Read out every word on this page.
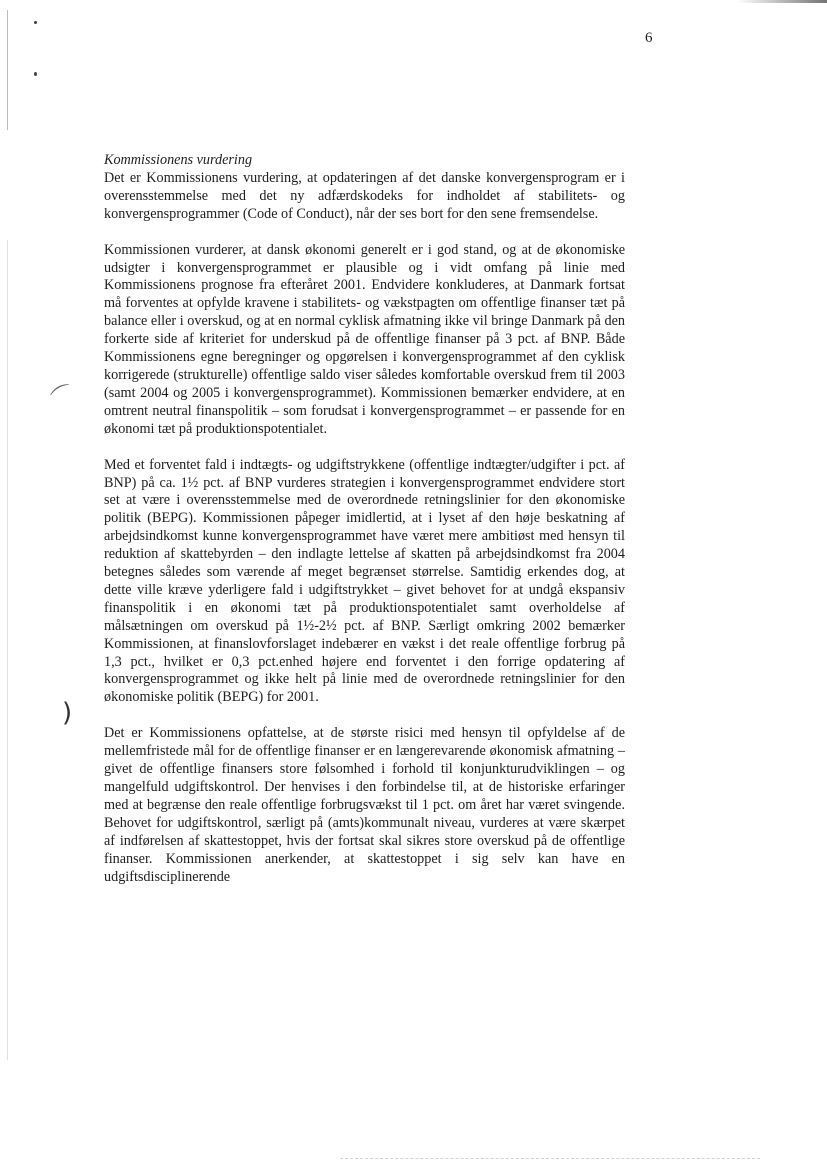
⌒
)
6
Kommissionens vurdering

Det er Kommissionens vurdering, at opdateringen af det danske konvergensprogram er i overensstemmelse med det ny adfærdskodeks for indholdet af stabilitets- og konvergensprogrammer (Code of Conduct), når der ses bort for den sene fremsendelse.

Kommissionen vurderer, at dansk økonomi generelt er i god stand, og at de økonomiske udsigter i konvergensprogrammet er plausible og i vidt omfang på linie med Kommissionens prognose fra efteråret 2001. Endvidere konkluderes, at Danmark fortsat må forventes at opfylde kravene i stabilitets- og vækstpagten om offentlige finanser tæt på balance eller i overskud, og at en normal cyklisk afmatning ikke vil bringe Danmark på den forkerte side af kriteriet for underskud på de offentlige finanser på 3 pct. af BNP. Både Kommissionens egne beregninger og opgørelsen i konvergensprogrammet af den cyklisk korrigerede (strukturelle) offentlige saldo viser således komfortable overskud frem til 2003 (samt 2004 og 2005 i konvergensprogrammet). Kommissionen bemærker endvidere, at en omtrent neutral finanspolitik – som forudsat i konvergensprogrammet – er passende for en økonomi tæt på produktionspotentialet.

Med et forventet fald i indtægts- og udgiftstrykkene (offentlige indtægter/udgifter i pct. af BNP) på ca. 1½ pct. af BNP vurderes strategien i konvergensprogrammet endvidere stort set at være i overensstemmelse med de overordnede retningslinier for den økonomiske politik (BEPG). Kommissionen påpeger imidlertid, at i lyset af den høje beskatning af arbejdsindkomst kunne konvergensprogrammet have været mere ambitiøst med hensyn til reduktion af skattebyrden – den indlagte lettelse af skatten på arbejdsindkomst fra 2004 betegnes således som værende af meget begrænset størrelse. Samtidig erkendes dog, at dette ville kræve yderligere fald i udgiftstrykket – givet behovet for at undgå ekspansiv finanspolitik i en økonomi tæt på produktionspotentialet samt overholdelse af målsætningen om overskud på 1½-2½ pct. af BNP. Særligt omkring 2002 bemærker Kommissionen, at finanslovforslaget indebærer en vækst i det reale offentlige forbrug på 1,3 pct., hvilket er 0,3 pct.enhed højere end forventet i den forrige opdatering af konvergensprogrammet og ikke helt på linie med de overordnede retningslinier for den økonomiske politik (BEPG) for 2001.

Det er Kommissionens opfattelse, at de største risici med hensyn til opfyldelse af de mellemfristede mål for de offentlige finanser er en længerevarende økonomisk afmatning – givet de offentlige finansers store følsomhed i forhold til konjunkturudviklingen – og mangelfuld udgiftskontrol. Der henvises i den forbindelse til, at de historiske erfaringer med at begrænse den reale offentlige forbrugsvækst til 1 pct. om året har været svingende. Behovet for udgiftskontrol, særligt på (amts)kommunalt niveau, vurderes at være skærpet af indførelsen af skattestoppet, hvis der fortsat skal sikres store overskud på de offentlige finanser. Kommissionen anerkender, at skattestoppet i sig selv kan have en udgiftsdisciplinerende
